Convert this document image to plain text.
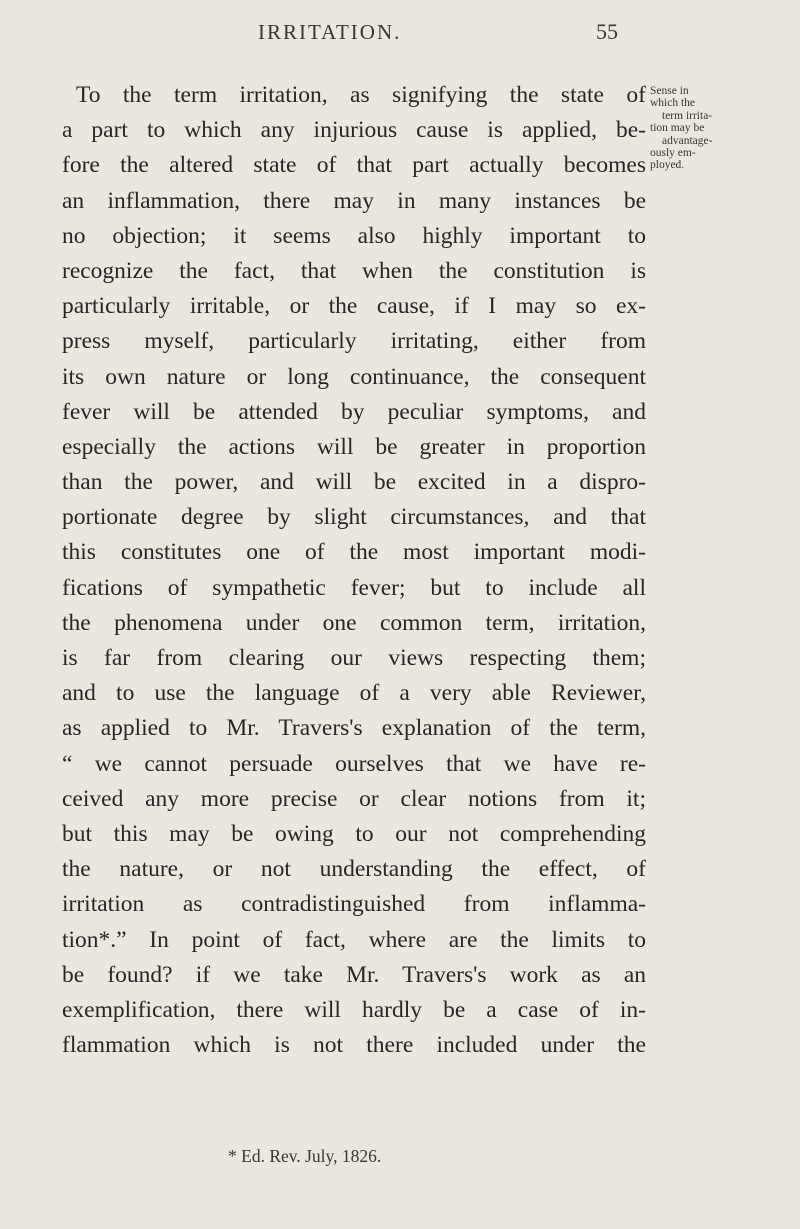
IRRITATION.	55
Sense in
which the
term irrita-
tion may be
advantage-
ously em-
ployed.
To the term irritation, as signifying the state of
a part to which any injurious cause is applied, be-
fore the altered state of that part actually becomes
an inflammation, there may in many instances be
no objection; it seems also highly important to
recognize the fact, that when the constitution is
particularly irritable, or the cause, if I may so ex-
press myself, particularly irritating, either from
its own nature or long continuance, the consequent
fever will be attended by peculiar symptoms, and
especially the actions will be greater in proportion
than the power, and will be excited in a dispro-
portionate degree by slight circumstances, and that
this constitutes one of the most important modi-
fications of sympathetic fever; but to include all
the phenomena under one common term, irritation,
is far from clearing our views respecting them;
and to use the language of a very able Reviewer,
as applied to Mr. Travers's explanation of the term,
“ we cannot persuade ourselves that we have re-
ceived any more precise or clear notions from it;
but this may be owing to our not comprehending
the nature, or not understanding the effect, of
irritation as contradistinguished from inflamma-
tion*.” In point of fact, where are the limits to
be found? if we take Mr. Travers's work as an
exemplification, there will hardly be a case of in-
flammation which is not there included under the
* Ed. Rev. July, 1826.
